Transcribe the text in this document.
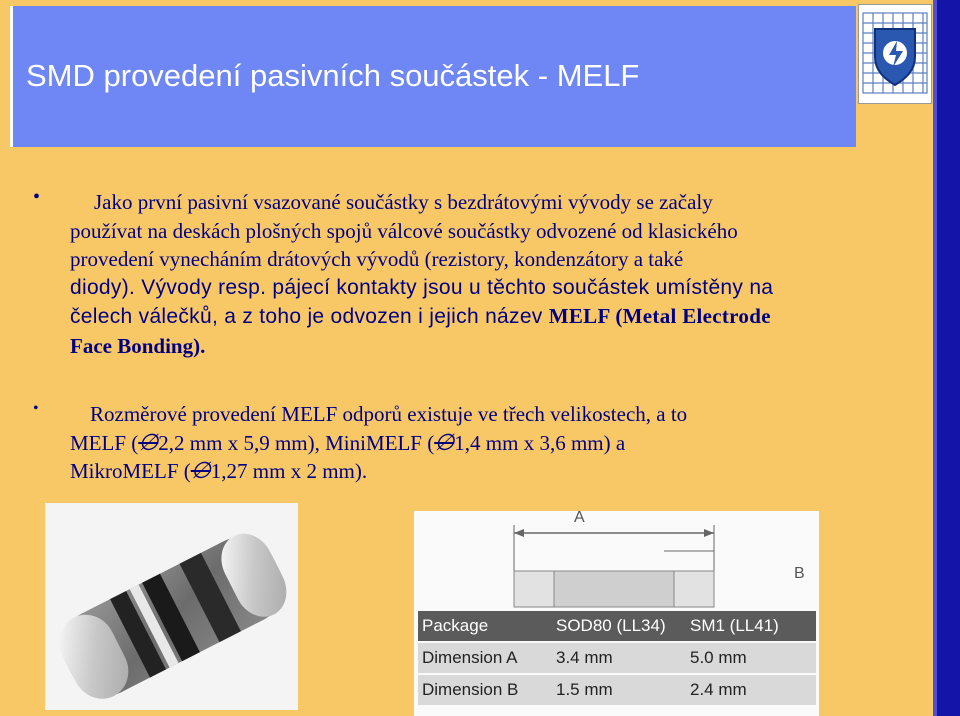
SMD provedení pasivních součástek - MELF
•	Jako první pasivní vsazované součástky s bezdrátovými vývody se začaly
používat na deskách plošných spojů válcové součástky odvozené od klasického
provedení vynecháním drátových vývodů (rezistory, kondenzátory a také
diody). Vývody resp. pájecí kontakty jsou u těchto součástek umístěny na
čelech válečků, a z toho je odvozen i jejich název MELF (Metal Electrode
Face Bonding).
•	Rozměrové provedení MELF odporů existuje ve třech velikostech, a to
MELF (∅2,2 mm x 5,9 mm), MiniMELF (∅1,4 mm x 3,6 mm) a
MikroMELF (∅1,27 mm x 2 mm).
A
B
Package	SOD80 (LL34)	SM1 (LL41)
Dimension A	3.4 mm	5.0 mm
Dimension B	1.5 mm	2.4 mm
